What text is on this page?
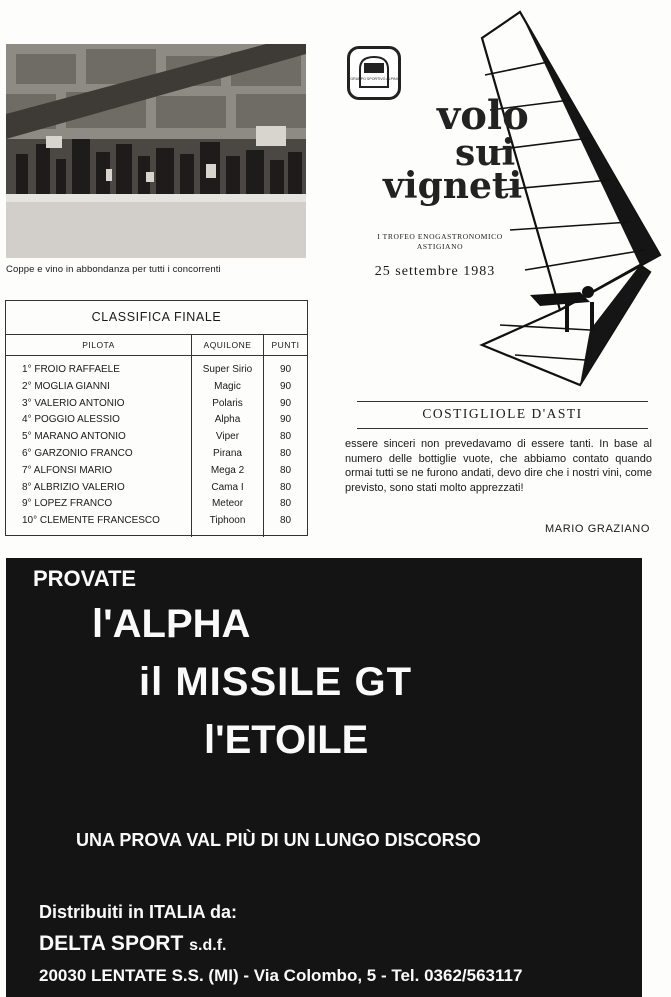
Coppe e vino in abbondanza per tutti i concorrenti
CLASSIFICA FINALE
PILOTA	AQUILONE	PUNTI
1° FROIO RAFFAELE
2° MOGLIA GIANNI
3° VALERIO ANTONIO
4° POGGIO ALESSIO
5° MARANO ANTONIO
6° GARZONIO FRANCO
7° ALFONSI MARIO
8° ALBRIZIO VALERIO
9° LOPEZ FRANCO
10° CLEMENTE FRANCESCO
Super Sirio
Magic
Polaris
Alpha
Viper
Pirana
Mega 2
Cama I
Meteor
Tiphoon
90
90
90
90
80
80
80
80
80
80
GRUPPO SPORTIVO ALPINI
volo
sui
vigneti
I TROFEO ENOGASTRONOMICO ASTIGIANO
25 settembre 1983
COSTIGLIOLE D'ASTI
essere sinceri non prevedavamo di essere tanti. In base al numero delle bottiglie vuote, che abbiamo contato quando ormai tutti se ne furono andati, devo dire che i nostri vini, come previsto, sono stati molto apprezzati!
MARIO GRAZIANO
PROVATE
l'ALPHA
il MISSILE GT
l'ETOILE
UNA PROVA VAL PIÙ DI UN LUNGO DISCORSO
Distribuiti in ITALIA da:
DELTA SPORT s.d.f.
20030 LENTATE S.S. (MI) - Via Colombo, 5 - Tel. 0362/563117
